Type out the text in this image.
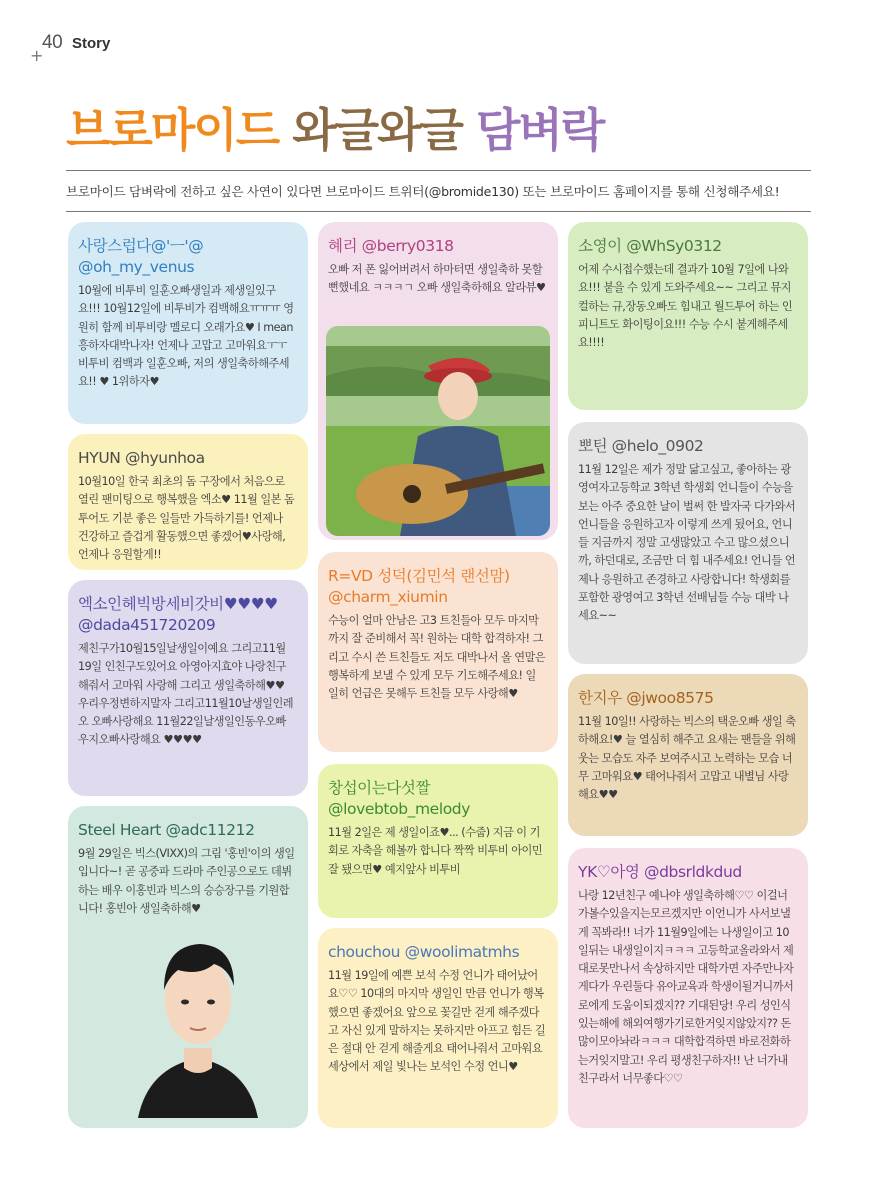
+
40 Story
브로마이드 와글와글 담벼락
브로마이드 담벼락에 전하고 싶은 사연이 있다면 브로마이드 트위터(@bromide130) 또는 브로마이드 홈페이지를 통해 신청해주세요!
사랑스럽다@'ㅡ'@
@oh_my_venus
10월에 비투비 일훈오빠생일과 제생일있구요!!! 10월12일에 비투비가 컴백해요ㅠㅠㅠ 영원히 함께 비투비랑 멜로디 오래가요♥ I mean 흥하자대박나자! 언제나 고맙고 고마워요ㅜㅜ 비투비 컴백과 일훈오빠, 저의 생일축하해주세요!! ♥ 1위하자♥
HYUN @hyunhoa
10월10일 한국 최초의 돔 구장에서 처음으로 열린 팬미팅으로 행복했을 엑소♥ 11월 일본 돔 투어도 기분 좋은 일들만 가득하기를! 언제나 건강하고 즐겁게 활동했으면 좋겠어♥사랑해, 언제나 응원할게!!
엑소인헤빅방세비갓비♥♥♥♥
@dada451720209
제친구가10월15일날생일이예요 그리고11월19일 인친구도있어요 아영아지효야 나랑친구해줘서 고마워 사랑해 그리고 생일축하해♥♥ 우리우정변하지말자 그리고11월10날생일인레오 오빠사랑해요 11월22일날생일인동우오빠우지오빠사랑해요 ♥♥♥♥
Steel Heart @adc11212
9월 29일은 빅스(VIXX)의 그림 '홍빈'이의 생일입니다~! 곧 공중파 드라마 주인공으로도 데뷔하는 배우 이홍빈과 빅스의 승승장구를 기원합니다! 홍빈아 생일축하해♥
혜리 @berry0318
오빠 저 폰 잃어버려서 하마터면 생일축하 못할뻔했네요 ㅋㅋㅋㄱ 오빠 생일축하해요 알라뷰♥
R=VD 성덕(김민석 랜선맘)
@charm_xiumin
수능이 얼마 안남은 고3 트친들아 모두 마지막까지 잘 준비해서 꼭! 원하는 대학 합격하자! 그리고 수시 쓴 트친들도 저도 대박나서 올 연말은 행복하게 보낼 수 있게 모두 기도해주세요! 일일히 언급은 못해두 트친들 모두 사랑해♥
창섭이는다섯짤
@lovebtob_melody
11월 2일은 제 생일이죠♥... (수줍) 지금 이 기회로 자축을 해볼까 합니다 짝짝 비투비 아이민 잘 됐으면♥ 예지앞사 비투비
chouchou @woolimatmhs
11월 19일에 예쁜 보석 수정 언니가 태어났어요♡♡ 10대의 마지막 생일인 만큼 언니가 행복했으면 좋겠어요 앞으로 꽃길만 걷게 해주겠다고 자신 있게 말하지는 못하지만 아프고 힘든 길은 절대 안 걷게 해줄게요 태어나줘서 고마워요 세상에서 제일 빛나는 보석인 수정 언니♥
소영이 @WhSy0312
어제 수시접수했는데 결과가 10월 7일에 나와요!!! 붙을 수 있게 도와주세요~~ 그리고 뮤지컬하는 규,장동오빠도 힘내고 월드투어 하는 인피니트도 화이팅이요!!! 수능 수시 붙게해주세요!!!!
뽀틴 @helo_0902
11월 12일은 제가 정말 닮고싶고, 좋아하는 광영여자고등학교 3학년 학생회 언니들이 수능을 보는 아주 중요한 날이 벌써 한 발자국 다가와서 언니들을 응원하고자 이렇게 쓰게 됬어요, 언니들 지금까지 정말 고생많았고 수고 많으셨으니까, 하던대로, 조금만 더 힘 내주세요! 언니들 언제나 응원하고 존경하고 사랑합니다! 학생회를 포함한 광영여고 3학년 선배님들 수능 대박 나세요~~
한지우 @jwoo8575
11월 10일!! 사랑하는 빅스의 택운오빠 생일 축하해요!♥ 늘 열심히 해주고 요새는 팬들을 위해 웃는 모습도 자주 보여주시고 노력하는 모습 너무 고마워요♥ 태어나줘서 고맙고 내별님 사랑해요♥♥
YK♡아영 @dbsrldkdud
나랑 12년친구 예나야 생일축하해♡♡ 이걸너가볼수있을지는모르겠지만 이언니가 사서보낼게 꼭봐라!! 너가 11월9일에는 나생일이고 10일뒤는 내생일이지ㅋㅋㅋ 고등학교올라와서 제대로못만나서 속상하지만 대학가면 자주만나자게다가 우린둘다 유아교육과 학생이될거니까서로에게 도움이되겠지?? 기대된당! 우리 성인식있는해에 해외여행가기로한거잊지않았지?? 돈많이모아놔라ㅋㅋㅋ 대학합격하면 바로전화하는거잊지말고! 우리 평생친구하자!! 난 너가내친구라서 너무좋다♡♡
